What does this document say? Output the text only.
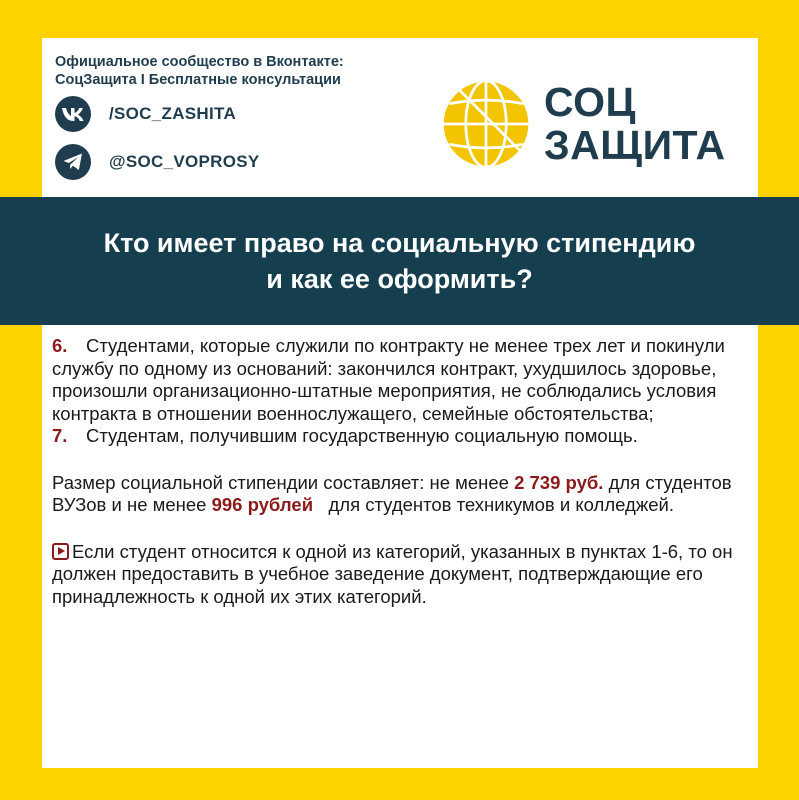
Официальное сообщество в Вконтакте:
СоцЗащита I Бесплатные консультации
/SOC_ZASHITA
@SOC_VOPROSY
СОЦ
ЗАЩИТА
Кто имеет право на социальную стипендию
и как ее оформить?

6. Студентами, которые служили по контракту не менее трех лет и покинули службу по одному из оснований: закончился контракт, ухудшилось здоровье, произошли организационно-штатные мероприятия, не соблюдались условия контракта в отношении военнослужащего, семейные обстоятельства;

7. Студентам, получившим государственную социальную помощь.

Размер социальной стипендии составляет: не менее 2 739 руб. для студентов ВУЗов и не менее 996 рублей для студентов техникумов и колледжей.

Если студент относится к одной из категорий, указанных в пунктах 1-6, то он должен предоставить в учебное заведение документ, подтверждающие его принадлежность к одной их этих категорий.
